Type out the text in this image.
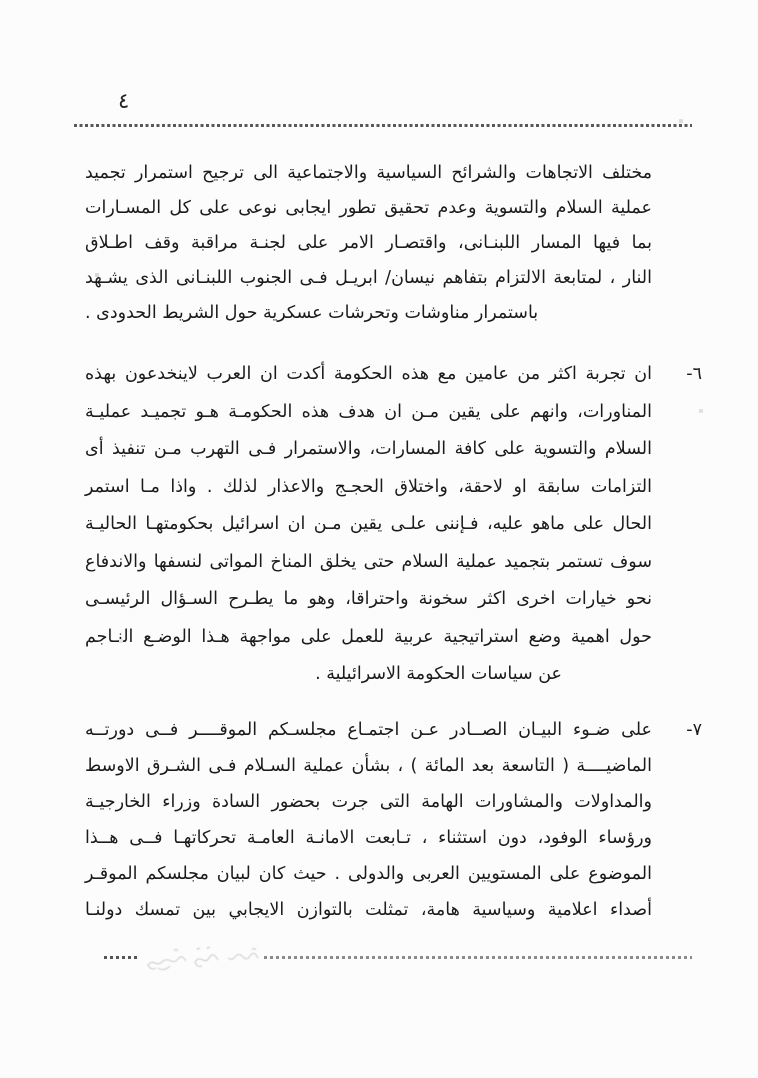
٤
مختلف الاتجاهات والشرائح السياسية والاجتماعية الى ترجيح استمرار تجميد
عملية السلام والتسوية وعدم تحقيق تطور ايجابى نوعى على كل المسـارات
بما فيها المسار اللبنـانى، واقتصـار الامر على لجنـة مراقبة وقف اطـلاق
النار ، لمتابعة الالتزام بتفاهم نيسان/ ابريـل فـى الجنوب اللبنـانى الذى يشـهد
باستمرار مناوشات وتحرشات عسكرية حول الشريط الحدودى .
٦-
ان تجربة اكثر من عامين مع هذه الحكومة أكدت ان العرب لاينخدعون بهذه
المناورات، وانهم على يقين مـن ان هدف هذه الحكومـة هـو تجميـد عمليـة
السلام والتسوية على كافة المسارات، والاستمرار فـى التهرب مـن تنفيذ أى
التزامات سابقة او لاحقة، واختلاق الحجـج والاعذار لذلك . واذا مـا استمر
الحال على ماهو عليه، فـإننى علـى يقين مـن ان اسرائيل بحكومتهـا الحاليـة
سوف تستمر بتجميد عملية السلام حتى يخلق المناخ المواتى لنسفها والاندفاع
نحو خيارات اخرى اكثر سخونة واحتراقا، وهو ما يطـرح السـؤال الرئيسـى
حول اهمية وضع استراتيجية عربية للعمل على مواجهة هـذا الوضـع النـاجم
عن سياسات الحكومة الاسرائيلية .
٧-
على ضـوء البيـان الصــادر عـن اجتمـاع مجلسـكم الموقــــر فــى دورتــه
الماضيــــة ( التاسعة بعد المائة ) ، بشأن عملية السـلام فـى الشـرق الاوسط
والمداولات والمشاورات الهامة التى جرت بحضور السادة وزراء الخارجيـة
ورؤساء الوفود، دون استثناء ، تـابعت الامانـة العامـة تحركاتهـا فــى هــذا
الموضوع على المستويين العربى والدولى . حيث كان لبيان مجلسكم الموقـر
أصداء اعلامية وسياسية هامة، تمثلت بالتوازن الايجابي بين تمسك دولنـا
